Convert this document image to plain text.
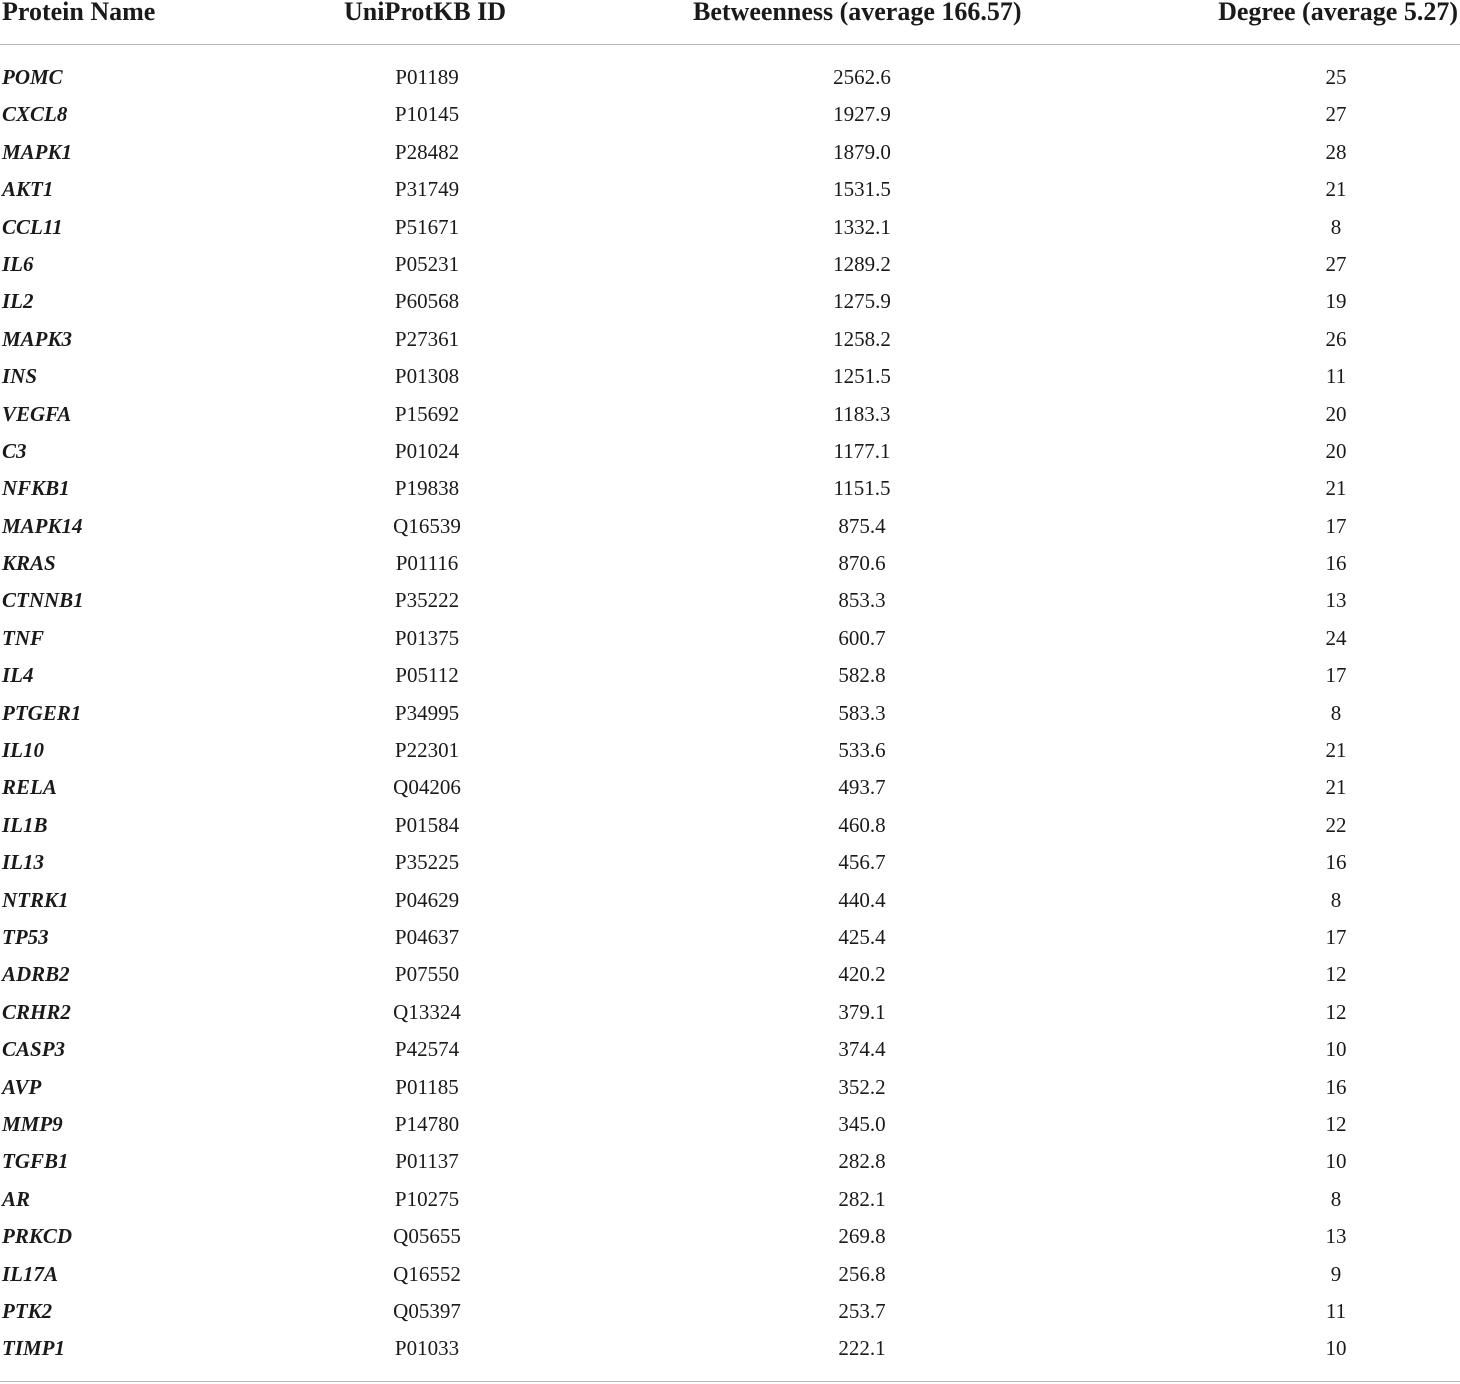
Protein Name	UniProtKB ID	Betweenness (average 166.57)	Degree (average 5.27)
POMC	P01189	2562.6	25
CXCL8	P10145	1927.9	27
MAPK1	P28482	1879.0	28
AKT1	P31749	1531.5	21
CCL11	P51671	1332.1	8
IL6	P05231	1289.2	27
IL2	P60568	1275.9	19
MAPK3	P27361	1258.2	26
INS	P01308	1251.5	11
VEGFA	P15692	1183.3	20
C3	P01024	1177.1	20
NFKB1	P19838	1151.5	21
MAPK14	Q16539	875.4	17
KRAS	P01116	870.6	16
CTNNB1	P35222	853.3	13
TNF	P01375	600.7	24
IL4	P05112	582.8	17
PTGER1	P34995	583.3	8
IL10	P22301	533.6	21
RELA	Q04206	493.7	21
IL1B	P01584	460.8	22
IL13	P35225	456.7	16
NTRK1	P04629	440.4	8
TP53	P04637	425.4	17
ADRB2	P07550	420.2	12
CRHR2	Q13324	379.1	12
CASP3	P42574	374.4	10
AVP	P01185	352.2	16
MMP9	P14780	345.0	12
TGFB1	P01137	282.8	10
AR	P10275	282.1	8
PRKCD	Q05655	269.8	13
IL17A	Q16552	256.8	9
PTK2	Q05397	253.7	11
TIMP1	P01033	222.1	10
